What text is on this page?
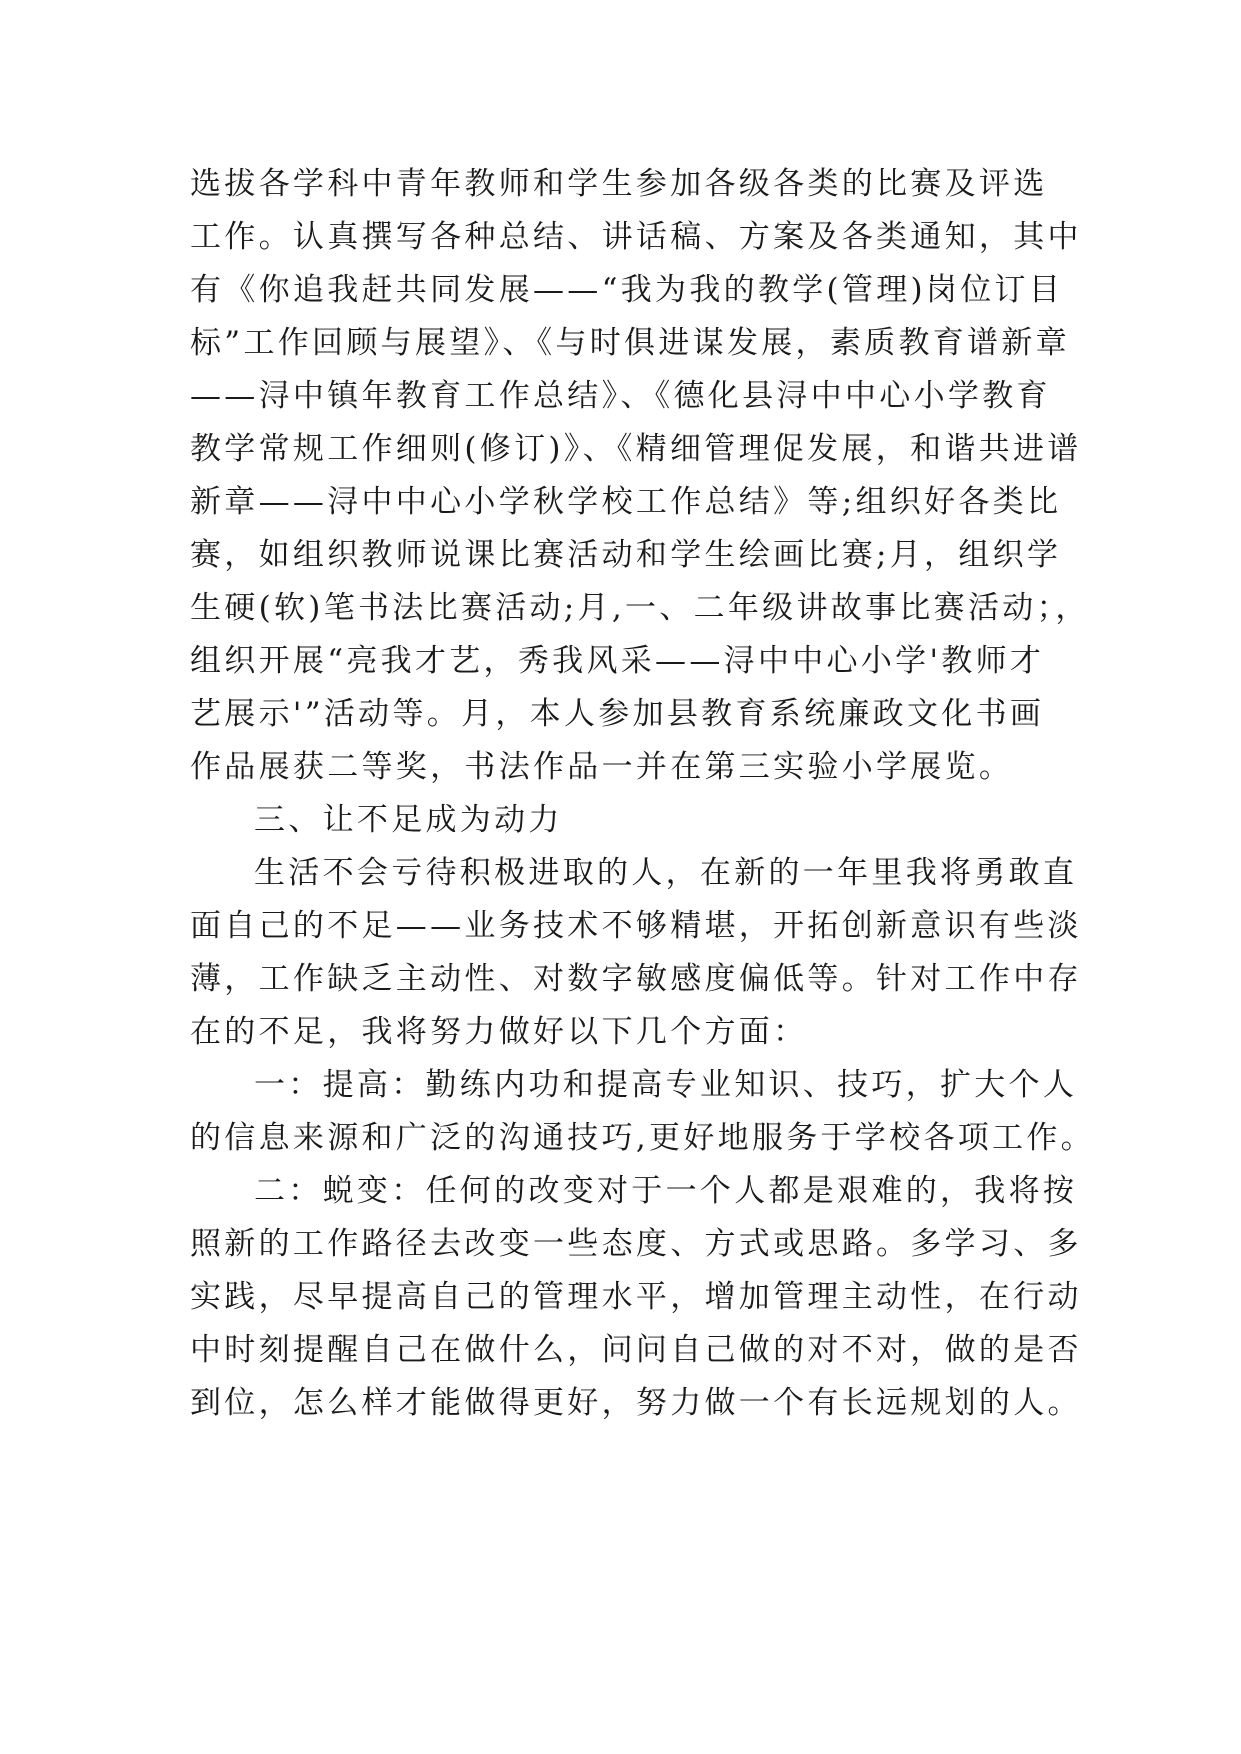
选拔各学科中青年教师和学生参加各级各类的比赛及评选
工作。认真撰写各种总结、讲话稿、方案及各类通知，其中
有《你追我赶共同发展——“我为我的教学(管理)岗位订目
标”工作回顾与展望》、《与时俱进谋发展，素质教育谱新章
——浔中镇年教育工作总结》、《德化县浔中中心小学教育
教学常规工作细则(修订)》、《精细管理促发展，和谐共进谱
新章——浔中中心小学秋学校工作总结》等;组织好各类比
赛，如组织教师说课比赛活动和学生绘画比赛;月，组织学
生硬(软)笔书法比赛活动;月,一、二年级讲故事比赛活动；，
组织开展“亮我才艺，秀我风采——浔中中心小学'教师才
艺展示'”活动等。月，本人参加县教育系统廉政文化书画
作品展获二等奖，书法作品一并在第三实验小学展览。
三、让不足成为动力
生活不会亏待积极进取的人，在新的一年里我将勇敢直
面自己的不足——业务技术不够精堪，开拓创新意识有些淡
薄，工作缺乏主动性、对数字敏感度偏低等。针对工作中存
在的不足，我将努力做好以下几个方面：
一：提高：勤练内功和提高专业知识、技巧，扩大个人
的信息来源和广泛的沟通技巧,更好地服务于学校各项工作。
二：蜕变：任何的改变对于一个人都是艰难的，我将按
照新的工作路径去改变一些态度、方式或思路。多学习、多
实践，尽早提高自己的管理水平，增加管理主动性，在行动
中时刻提醒自己在做什么，问问自己做的对不对，做的是否
到位，怎么样才能做得更好，努力做一个有长远规划的人。
